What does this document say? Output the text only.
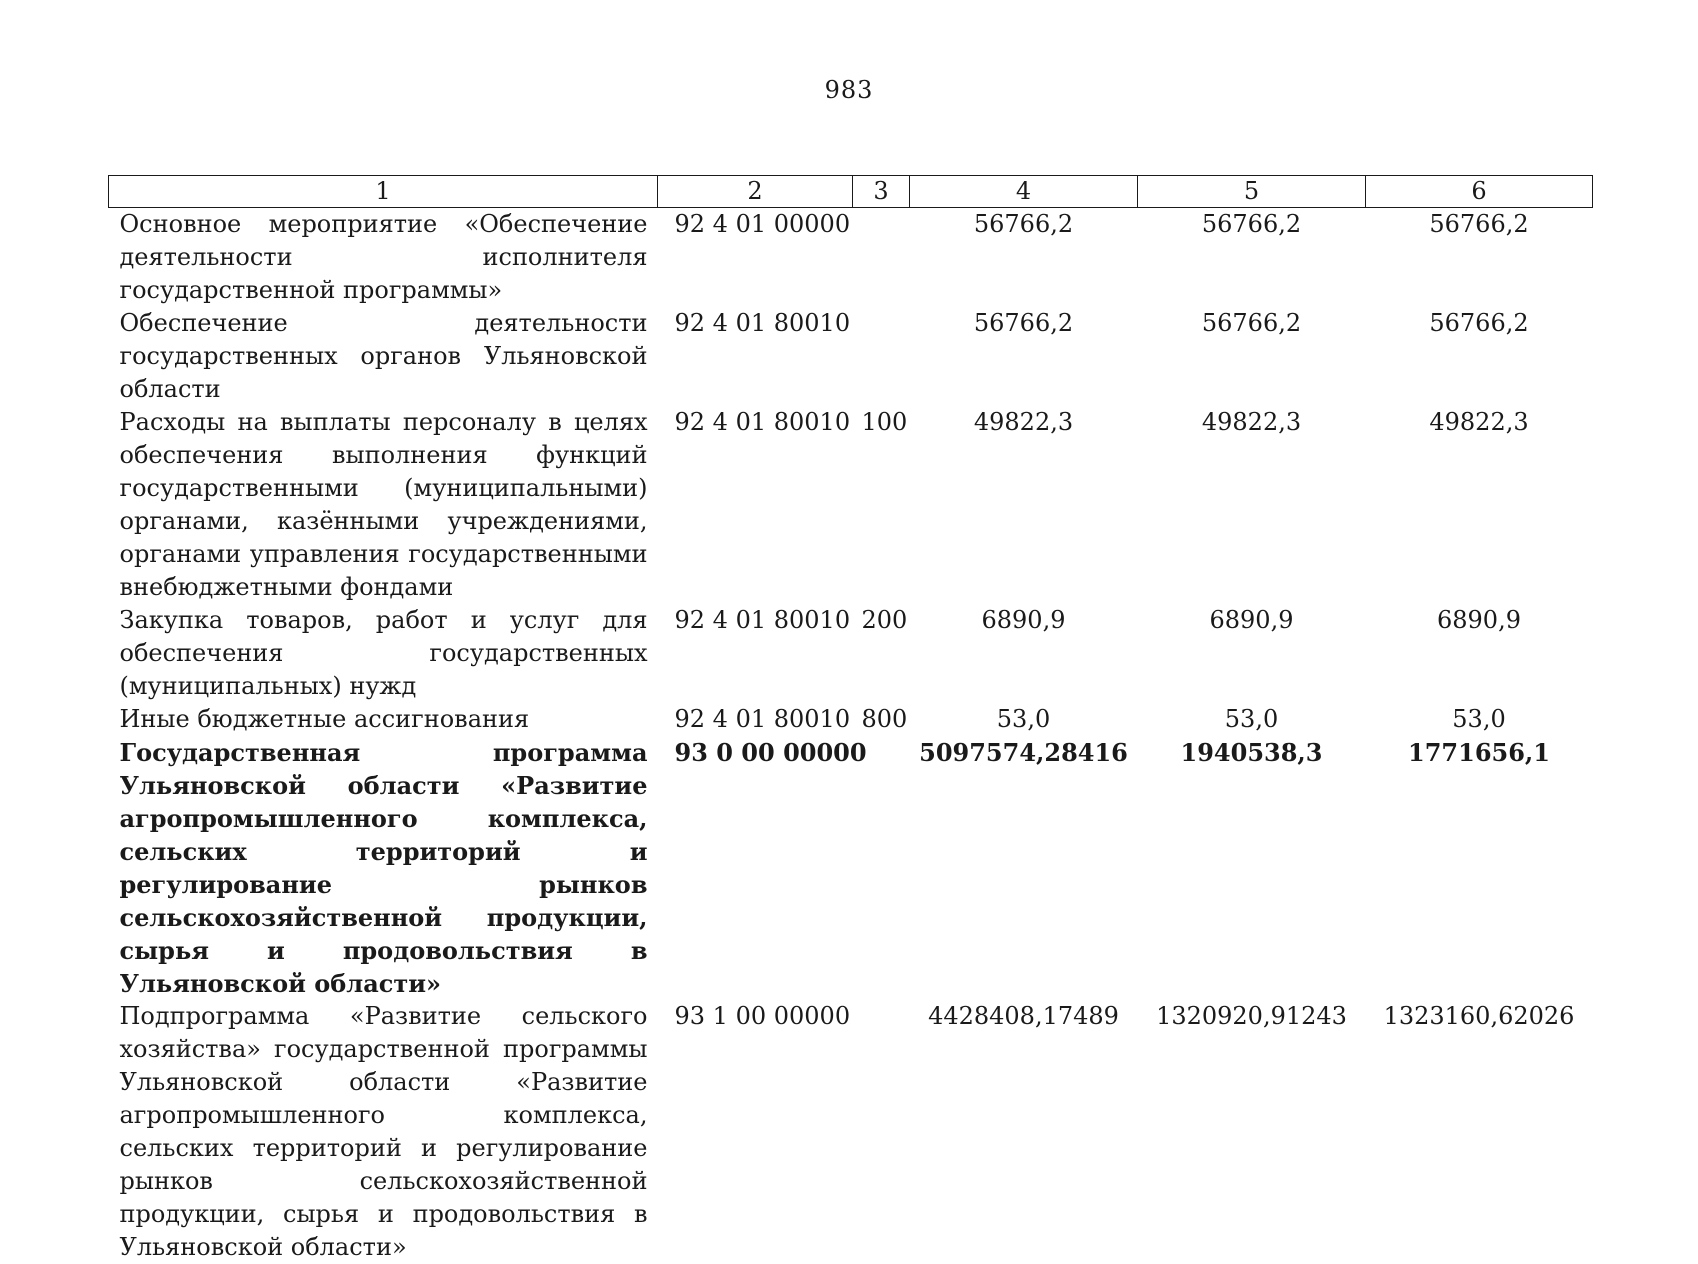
983
1	2	3	4	5	6
Основное мероприятие «Обеспечение деятельности исполнителя государственной программы»	92 4 01 00000		56766,2	56766,2	56766,2
Обеспечение деятельности государственных органов Ульяновской области	92 4 01 80010		56766,2	56766,2	56766,2
Расходы на выплаты персоналу в целях обеспечения выполнения функций государственными (муниципальными) органами, казёнными учреждениями, органами управления государственными внебюджетными фондами	92 4 01 80010	100	49822,3	49822,3	49822,3
Закупка товаров, работ и услуг для обеспечения государственных (муниципальных) нужд	92 4 01 80010	200	6890,9	6890,9	6890,9
Иные бюджетные ассигнования	92 4 01 80010	800	53,0	53,0	53,0
Государственная программа Ульяновской области «Развитие агропромышленного комплекса, сельских территорий и регулирование рынков сельскохозяйственной продукции, сырья и продовольствия в Ульяновской области»	93 0 00 00000		5097574,28416	1940538,3	1771656,1
Подпрограмма «Развитие сельского хозяйства» государственной программы Ульяновской области «Развитие агропромышленного комплекса, сельских территорий и регулирование рынков сельскохозяйственной продукции, сырья и продовольствия в Ульяновской области»	93 1 00 00000		4428408,17489	1320920,91243	1323160,62026
